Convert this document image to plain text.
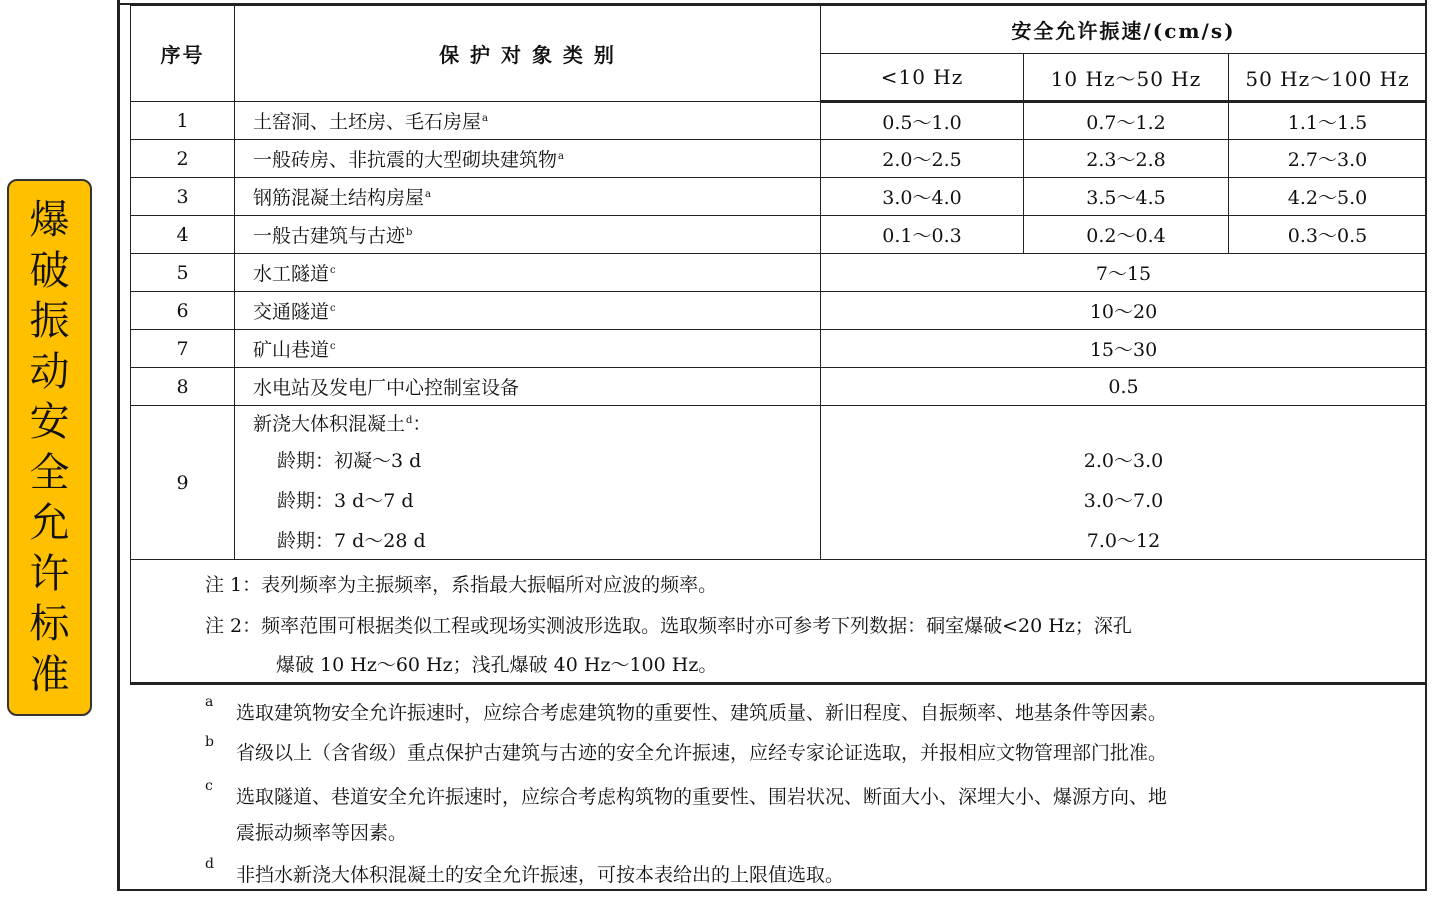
爆
破
振
动
安
全
允
许
标
准
序号	保 护 对 象 类 别	安全允许振速/(cm/s)		
		<10 Hz	10 Hz～50 Hz	50 Hz～100 Hz
1	土窑洞、土坯房、毛石房屋$^a$	0.5～1.0	0.7～1.2	1.1～1.5
2	一般砖房、非抗震的大型砌块建筑物$^a$	2.0～2.5	2.3～2.8	2.7～3.0
3	钢筋混凝土结构房屋$^a$	3.0～4.0	3.5～4.5	4.2～5.0
4	一般古建筑与古迹$^b$	0.1～0.3	0.2～0.4	0.3～0.5
5	水工隧道$^c$	7～15		
6	交通隧道$^c$	10～20		
7	矿山巷道$^c$	15～30		
8	水电站及发电厂中心控制室设备	0.5		
9	新浇大体积混凝土$^d$：			
	龄期：初凝～3 d	2.0～3.0		
	龄期：3 d～7 d	3.0～7.0		
	龄期：7 d～28 d	7.0～12		
注 1：表列频率为主振频率，系指最大振幅所对应波的频率。
注 2：频率范围可根据类似工程或现场实测波形选取。选取频率时亦可参考下列数据：硐室爆破<20 Hz；深孔
爆破 10 Hz～60 Hz；浅孔爆破 40 Hz～100 Hz。
a 选取建筑物安全允许振速时，应综合考虑建筑物的重要性、建筑质量、新旧程度、自振频率、地基条件等因素。
b 省级以上（含省级）重点保护古建筑与古迹的安全允许振速，应经专家论证选取，并报相应文物管理部门批准。
c 选取隧道、巷道安全允许振速时，应综合考虑构筑物的重要性、围岩状况、断面大小、深埋大小、爆源方向、地
震振动频率等因素。
d 非挡水新浇大体积混凝土的安全允许振速，可按本表给出的上限值选取。
